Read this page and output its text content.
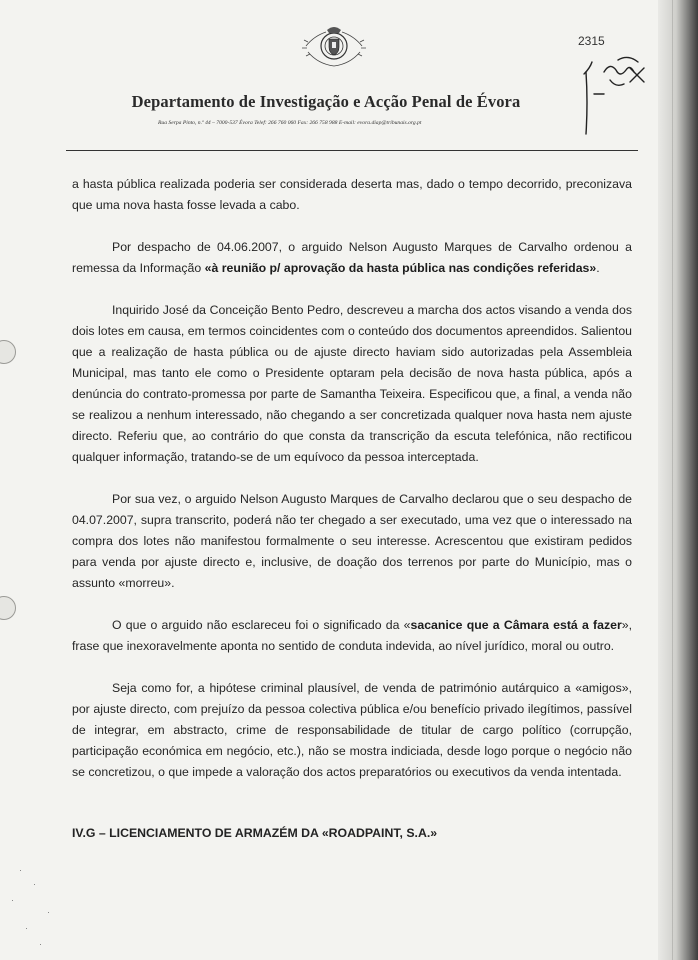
2315
Departamento de Investigação e Acção Penal de Évora
Rua Serpa Pinto, n.º 44 – 7000-537 Évora Telef: 266 760 060 Fax: 266 758 988 E-mail: evora.diap@tribunais.org.pt

a hasta pública realizada poderia ser considerada deserta mas, dado o tempo decorrido, preconizava que uma nova hasta fosse levada a cabo.

Por despacho de 04.06.2007, o arguido Nelson Augusto Marques de Carvalho ordenou a remessa da Informação «à reunião p/ aprovação da hasta pública nas condições referidas».

Inquirido José da Conceição Bento Pedro, descreveu a marcha dos actos visando a venda dos dois lotes em causa, em termos coincidentes com o conteúdo dos documentos apreendidos. Salientou que a realização de hasta pública ou de ajuste directo haviam sido autorizadas pela Assembleia Municipal, mas tanto ele como o Presidente optaram pela decisão de nova hasta pública, após a denúncia do contrato-promessa por parte de Samantha Teixeira. Especificou que, a final, a venda não se realizou a nenhum interessado, não chegando a ser concretizada qualquer nova hasta nem ajuste directo. Referiu que, ao contrário do que consta da transcrição da escuta telefónica, não rectificou qualquer informação, tratando-se de um equívoco da pessoa interceptada.

Por sua vez, o arguido Nelson Augusto Marques de Carvalho declarou que o seu despacho de 04.07.2007, supra transcrito, poderá não ter chegado a ser executado, uma vez que o interessado na compra dos lotes não manifestou formalmente o seu interesse. Acrescentou que existiram pedidos para venda por ajuste directo e, inclusive, de doação dos terrenos por parte do Município, mas o assunto «morreu».

O que o arguido não esclareceu foi o significado da «sacanice que a Câmara está a fazer», frase que inexoravelmente aponta no sentido de conduta indevida, ao nível jurídico, moral ou outro.

Seja como for, a hipótese criminal plausível, de venda de património autárquico a «amigos», por ajuste directo, com prejuízo da pessoa colectiva pública e/ou benefício privado ilegítimos, passível de integrar, em abstracto, crime de responsabilidade de titular de cargo político (corrupção, participação económica em negócio, etc.), não se mostra indiciada, desde logo porque o negócio não se concretizou, o que impede a valoração dos actos preparatórios ou executivos da venda intentada.

IV.G – LICENCIAMENTO DE ARMAZÉM DA «ROADPAINT, S.A.»
